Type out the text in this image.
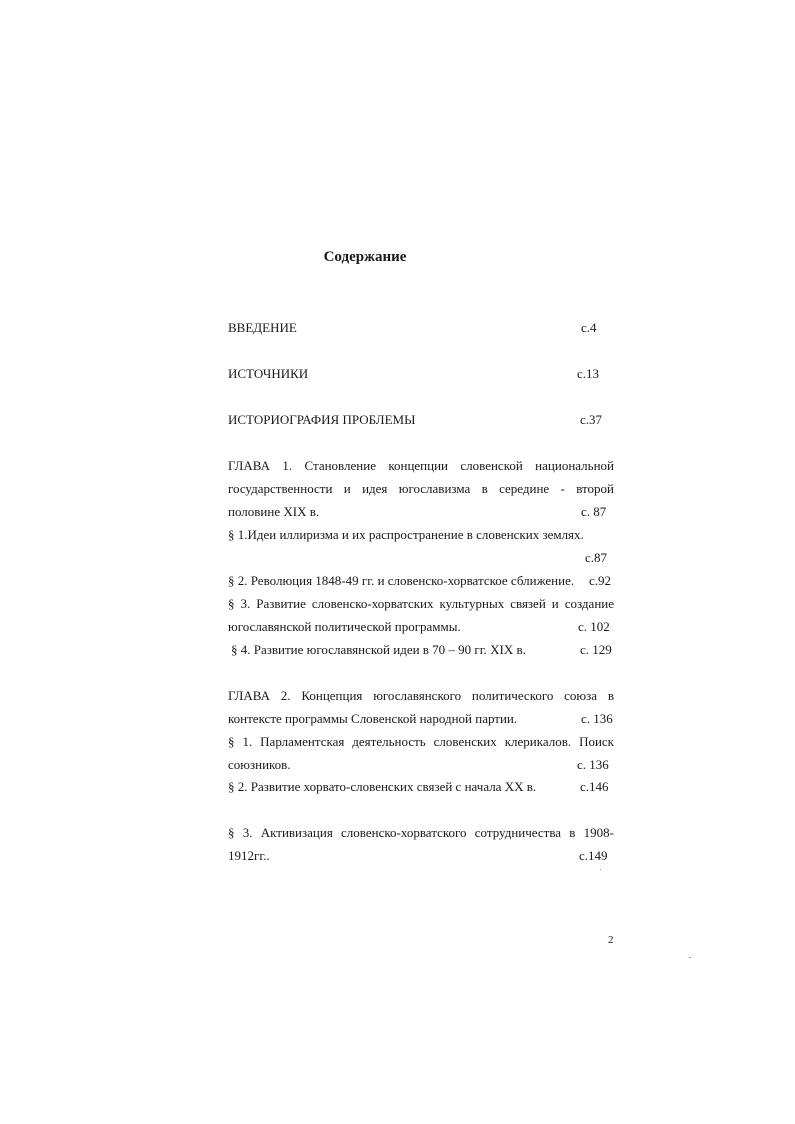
Содержание
ВВЕДЕНИЕ	с.4
ИСТОЧНИКИ	с.13
ИСТОРИОГРАФИЯ ПРОБЛЕМЫ	с.37
ГЛАВА 1. Становление концепции словенской национальной
государственности и идея югославизма в середине - второй
половине XIX в.	с. 87
§ 1.Идеи иллиризма и их распространение в словенских землях.
с.87
§ 2. Революция 1848-49 гг. и словенско-хорватское сближение. с.92
§ 3. Развитие словенско-хорватских культурных связей и создание
югославянской политической программы.	с. 102
§ 4. Развитие югославянской идеи в 70 – 90 гг. XIX в.	с. 129
ГЛАВА 2. Концепция югославянского политического союза в
контексте программы Словенской народной партии.	с. 136
§ 1. Парламентская деятельность словенских клерикалов. Поиск
союзников.	с. 136
§ 2. Развитие хорвато-словенских связей с начала XX в.	с.146
§ 3. Активизация словенско-хорватского сотрудничества в 1908-
1912гг..	с.149
2
